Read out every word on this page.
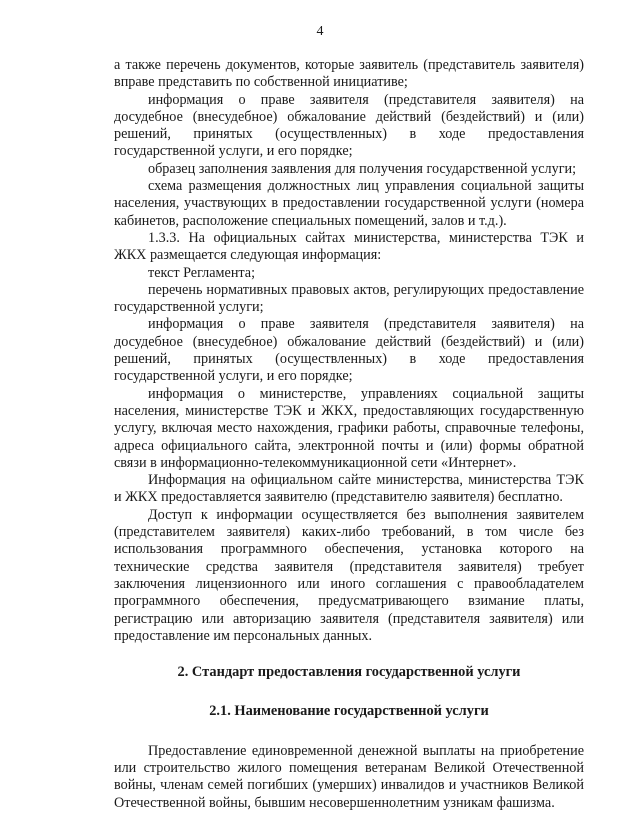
4

а также перечень документов, которые заявитель (представитель заявителя) вправе представить по собственной инициативе;

информация о праве заявителя (представителя заявителя) на досудебное (внесудебное) обжалование действий (бездействий) и (или) решений, принятых (осуществленных) в ходе предоставления государственной услуги, и его порядке;

образец заполнения заявления для получения государственной услуги;

схема размещения должностных лиц управления социальной защиты населения, участвующих в предоставлении государственной услуги (номера кабинетов, расположение специальных помещений, залов и т.д.).

1.3.3. На официальных сайтах министерства, министерства ТЭК и ЖКХ размещается следующая информация:

текст Регламента;

перечень нормативных правовых актов, регулирующих предоставление государственной услуги;

информация о праве заявителя (представителя заявителя) на досудебное (внесудебное) обжалование действий (бездействий) и (или) решений, принятых (осуществленных) в ходе предоставления государственной услуги, и его порядке;

информация о министерстве, управлениях социальной защиты населения, министерстве ТЭК и ЖКХ, предоставляющих государственную услугу, включая место нахождения, графики работы, справочные телефоны, адреса официального сайта, электронной почты и (или) формы обратной связи в информационно-телекоммуникационной сети «Интернет».

Информация на официальном сайте министерства, министерства ТЭК и ЖКХ предоставляется заявителю (представителю заявителя) бесплатно.

Доступ к информации осуществляется без выполнения заявителем (представителем заявителя) каких-либо требований, в том числе без использования программного обеспечения, установка которого на технические средства заявителя (представителя заявителя) требует заключения лицензионного или иного соглашения с правообладателем программного обеспечения, предусматривающего взимание платы, регистрацию или авторизацию заявителя (представителя заявителя) или предоставление им персональных данных.

2. Стандарт предоставления государственной услуги

2.1. Наименование государственной услуги

Предоставление единовременной денежной выплаты на приобретение или строительство жилого помещения ветеранам Великой Отечественной войны, членам семей погибших (умерших) инвалидов и участников Великой Отечественной войны, бывшим несовершеннолетним узникам фашизма.
